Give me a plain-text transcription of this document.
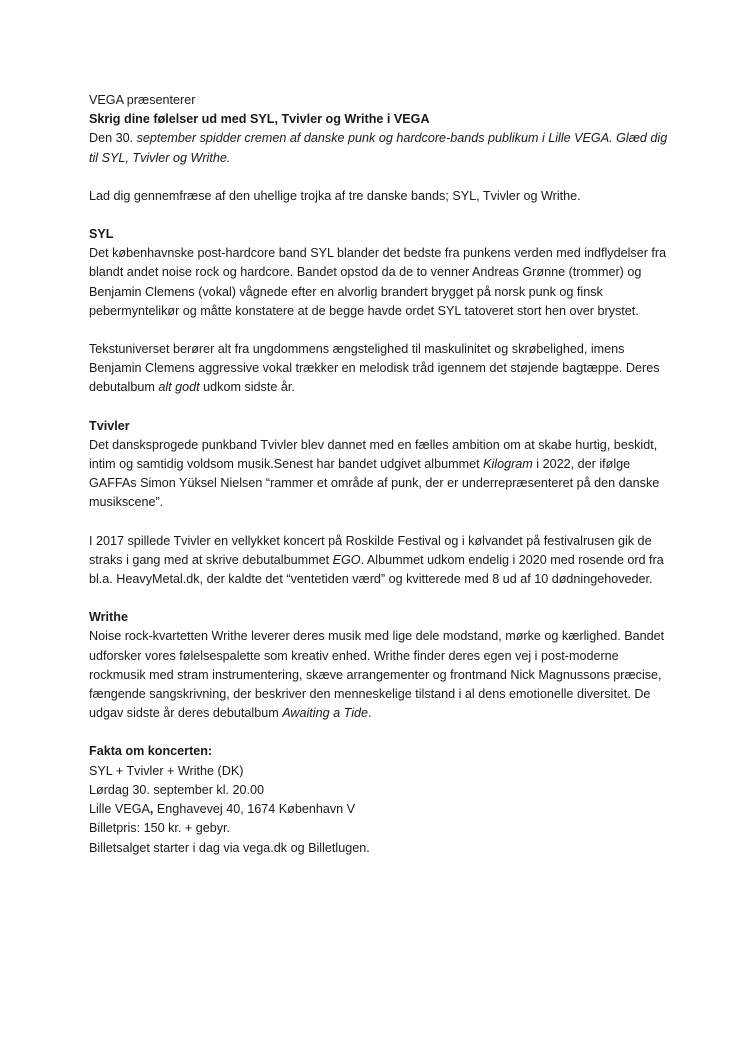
VEGA præsenterer

Skrig dine følelser ud med SYL, Tvivler og Writhe i VEGA

Den 30. september spidder cremen af danske punk og hardcore-bands publikum i Lille VEGA. Glæd dig til SYL, Tvivler og Writhe.

Lad dig gennemfræse af den uhellige trojka af tre danske bands; SYL, Tvivler og Writhe.

SYL

Det københavnske post-hardcore band SYL blander det bedste fra punkens verden med indflydelser fra blandt andet noise rock og hardcore. Bandet opstod da de to venner Andreas Grønne (trommer) og Benjamin Clemens (vokal) vågnede efter en alvorlig brandert brygget på norsk punk og finsk pebermyntelikør og måtte konstatere at de begge havde ordet SYL tatoveret stort hen over brystet.

Tekstuniverset berører alt fra ungdommens ængstelighed til maskulinitet og skrøbelighed, imens Benjamin Clemens aggressive vokal trækker en melodisk tråd igennem det støjende bagtæppe. Deres debutalbum alt godt udkom sidste år.

Tvivler

Det dansksprogede punkband Tvivler blev dannet med en fælles ambition om at skabe hurtig, beskidt, intim og samtidig voldsom musik.Senest har bandet udgivet albummet Kilogram i 2022, der ifølge GAFFAs Simon Yüksel Nielsen “rammer et område af punk, der er underrepræsenteret på den danske musikscene”.

I 2017 spillede Tvivler en vellykket koncert på Roskilde Festival og i kølvandet på festivalrusen gik de straks i gang med at skrive debutalbummet EGO. Albummet udkom endelig i 2020 med rosende ord fra bl.a. HeavyMetal.dk, der kaldte det “ventetiden værd” og kvitterede med 8 ud af 10 dødningehoveder.

Writhe

Noise rock-kvartetten Writhe leverer deres musik med lige dele modstand, mørke og kærlighed. Bandet udforsker vores følelsespalette som kreativ enhed. Writhe finder deres egen vej i post-moderne rockmusik med stram instrumentering, skæve arrangementer og frontmand Nick Magnussons præcise, fængende sangskrivning, der beskriver den menneskelige tilstand i al dens emotionelle diversitet. De udgav sidste år deres debutalbum Awaiting a Tide.

Fakta om koncerten:

SYL + Tvivler + Writhe (DK)

Lørdag 30. september kl. 20.00

Lille VEGA, Enghavevej 40, 1674 København V

Billetpris: 150 kr. + gebyr.

Billetsalget starter i dag via vega.dk og Billetlugen.
